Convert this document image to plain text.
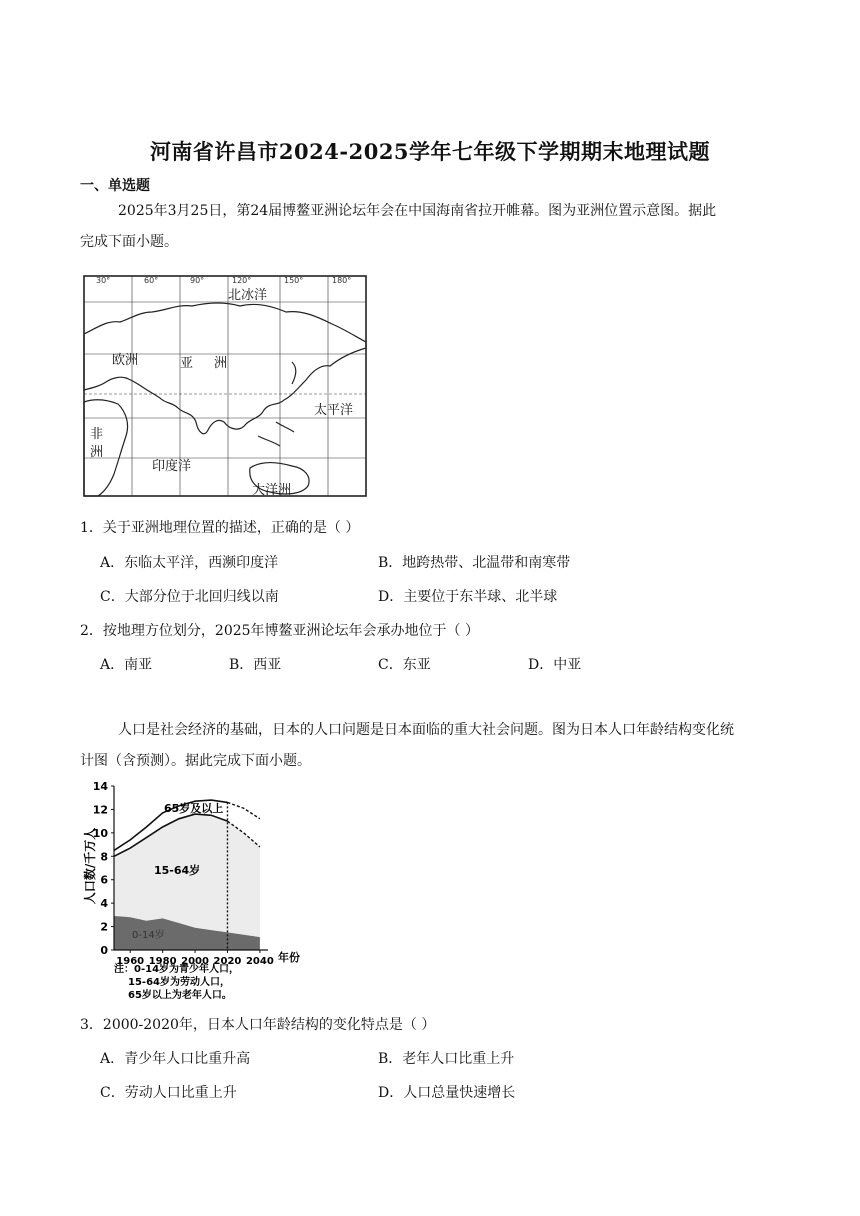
河南省许昌市2024-2025学年七年级下学期期末地理试题
一、单选题
2025年3月25日，第24届博鳌亚洲论坛年会在中国海南省拉开帷幕。图为亚洲位置示意图。据此
完成下面小题。
30°	60°	90°	120°	150°	180°
北冰洋
欧洲	亚 洲
太平洋
非
洲
印度洋
大洋洲
1．关于亚洲地理位置的描述，正确的是（ ）
A．东临太平洋，西濒印度洋	B．地跨热带、北温带和南寒带
C．大部分位于北回归线以南	D．主要位于东半球、北半球
2．按地理方位划分，2025年博鳌亚洲论坛年会承办地位于（ ）
A．南亚	B．西亚	C．东亚	D．中亚
人口是社会经济的基础，日本的人口问题是日本面临的重大社会问题。图为日本人口年龄结构变化统
计图（含预测）。据此完成下面小题。
0
2
4
6
8
10
12
14
1960 1980 2000 2020 2040
人口数/千万人
年份
65岁及以上
15-64岁
0-14岁
注：0-14岁为青少年人口，
15-64岁为劳动人口，
65岁以上为老年人口。
3．2000-2020年，日本人口年龄结构的变化特点是（ ）
A．青少年人口比重升高	B．老年人口比重上升
C．劳动人口比重上升	D．人口总量快速增长
